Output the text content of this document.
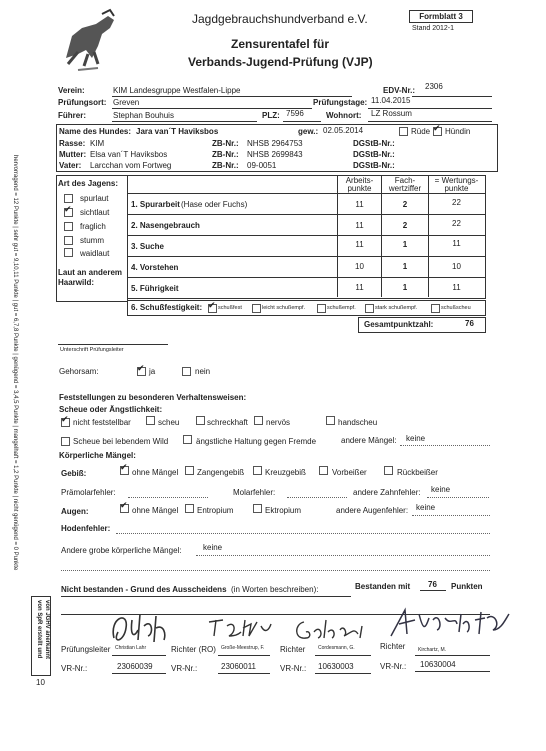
Jagdgebrauchshundverband e.V.	Formblatt 3
Stand 2012-1
Zensurentafel für
Verbands-Jugend-Prüfung (VJP)
Verein:	KIM Landesgruppe Westfalen-Lippe	EDV-Nr.: 2306
Prüfungsort: Greven	Prüfungstage: 11.04.2015
Führer:	Stephan Bouhuis	PLZ: 7596	Wohnort: LZ Rossum
Name des Hundes: Jara van´T Haviksbos	gew.: 02.05.2014	Rüde ✔ Hündin
Rasse: KIM	ZB-Nr.: NHSB 2964753	DGStB-Nr.:
Mutter: Elsa van´T Haviksbos	ZB-Nr.: NHSB 2699843	DGStB-Nr.:
Vater: Larcchan vom Fortweg	ZB-Nr.: 09-0051	DGStB-Nr.:
hervorragend = 12 Punkte | sehr gut = 9,10,11 Punkte | gut = 6,7,8 Punkte | genügend = 3,4,5 Punkte | mangelhaft = 1,2 Punkte | nicht genügend = 0 Punkte	Art des Jagens:
spurlaut
✔
sichtlaut
fraglich
stumm
waidlaut
Laut an anderem
Haarwild:
Arbeits-
punkte
Fach-
wertziffer
= Wertungs-
punkte
1. Spurarbeit (Hase oder Fuchs)	11	2	22
2. Nasengebrauch	11	2	22
3. Suche	11	1	11
4. Vorstehen	10	1	10
5. Führigkeit	11	1	11
6. Schußfestigkeit: ✔	schußfest	leicht schußempf.	schußempf.	stark schußempf.	schußscheu
Gesamtpunktzahl:	76
Unterschrift Prüfungsleiter
Gehorsam: ✔	ja	nein
Feststellungen zu besonderen Verhaltensweisen:
Scheue oder Ängstlichkeit:
✔
nicht feststellbar	scheu	schreckhaft nervös	handscheu
Scheue bei lebendem Wild	ängstliche Haltung gegen Fremde	andere Mängel: keine
Körperliche Mängel:
Gebiß: ✔	ohne Mängel Zangengebiß	Kreuzgebiß	Vorbeißer	Rückbeißer
Prämolarfehler:	Molarfehler:	andere Zahnfehler: keine
Augen: ✔	ohne Mängel Entropium	Ektropium	andere Augenfehler: keine
Hodenfehler:
Andere grobe körperliche Mängel:	keine
Nicht bestanden - Grund des Ausscheidens (in Worten beschreiben):	Bestanden mit 76 Punkten
Prüfungsleiter Christian Lahr
VR-Nr.:	23060039
Richter (RO) Große-Meestrup, F.
VR-Nr.:	23060011
Richter	Cordesmann, G.
VR-Nr.: 10630003
Richter	Kirchartz, M.
VR-Nr.: 10630004
von SpR erstellt und von JGHV anerkannt
10
